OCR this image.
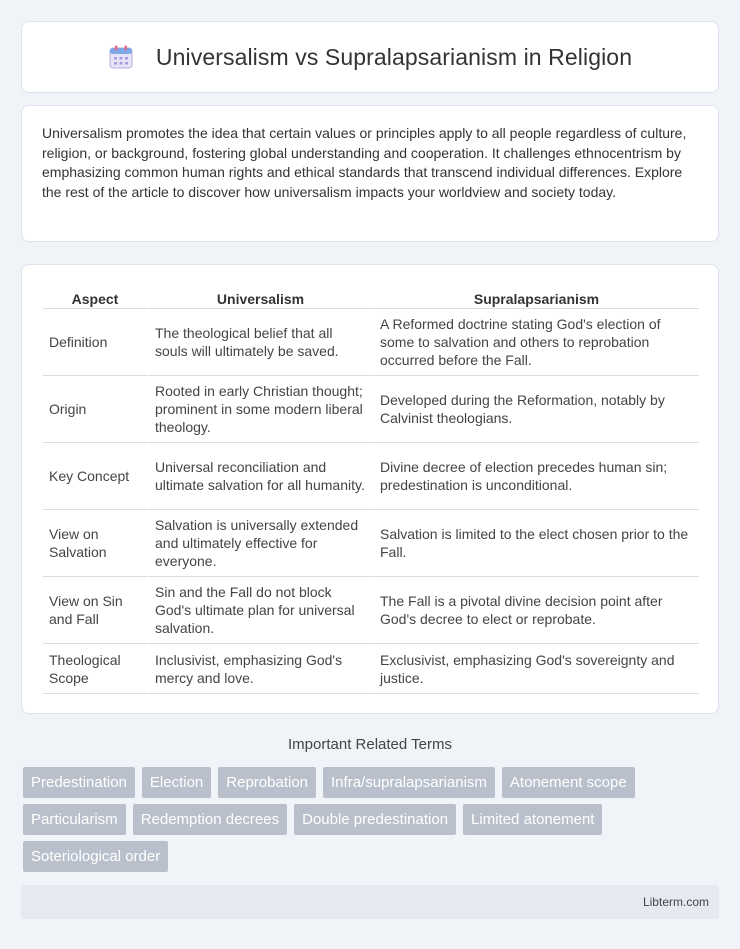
Universalism vs Supralapsarianism in Religion

Universalism promotes the idea that certain values or principles apply to all people regardless of culture, religion, or background, fostering global understanding and cooperation. It challenges ethnocentrism by emphasizing common human rights and ethical standards that transcend individual differences. Explore the rest of the article to discover how universalism impacts your worldview and society today.

Aspect	Universalism	Supralapsarianism
Definition	The theological belief that all souls will ultimately be saved.	A Reformed doctrine stating God's election of some to salvation and others to reprobation occurred before the Fall.
Origin	Rooted in early Christian thought; prominent in some modern liberal theology.	Developed during the Reformation, notably by Calvinist theologians.
Key Concept	Universal reconciliation and ultimate salvation for all humanity.	Divine decree of election precedes human sin; predestination is unconditional.
View on Salvation	Salvation is universally extended and ultimately effective for everyone.	Salvation is limited to the elect chosen prior to the Fall.
View on Sin and Fall	Sin and the Fall do not block God's ultimate plan for universal salvation.	The Fall is a pivotal divine decision point after God's decree to elect or reprobate.
Theological Scope	Inclusivist, emphasizing God's mercy and love.	Exclusivist, emphasizing God's sovereignty and justice.
Important Related Terms
Predestination	Election	Reprobation	Infra/supralapsarianism	Atonement scope
Particularism	Redemption decrees	Double predestination	Limited atonement
Soteriological order
Libterm.com
